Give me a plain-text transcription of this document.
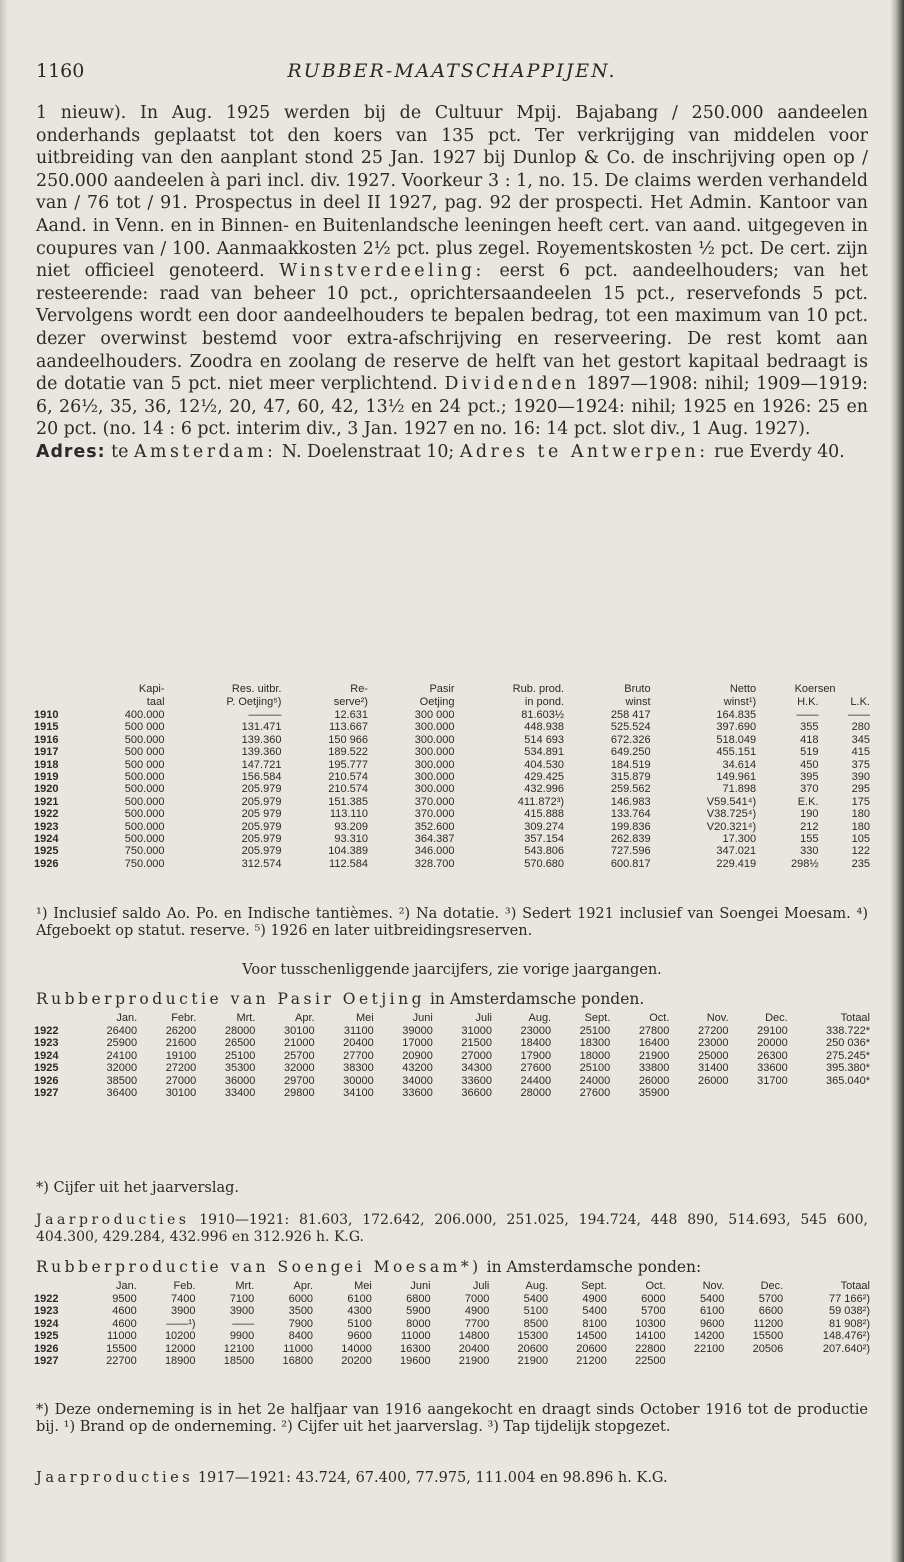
1160	RUBBER-MAATSCHAPPIJEN.

1 nieuw). In Aug. 1925 werden bij de Cultuur Mpij. Bajabang / 250.000 aandeelen onderhands geplaatst tot den koers van 135 pct. Ter verkrijging van middelen voor uitbreiding van den aanplant stond 25 Jan. 1927 bij Dunlop & Co. de inschrijving open op / 250.000 aandeelen à pari incl. div. 1927. Voorkeur 3 : 1, no. 15. De claims werden verhandeld van / 76 tot / 91. Prospectus in deel II 1927, pag. 92 der prospecti. Het Admin. Kantoor van Aand. in Venn. en in Binnen- en Buitenlandsche leeningen heeft cert. van aand. uitgegeven in coupures van / 100. Aanmaakkosten 2½ pct. plus zegel. Royementskosten ½ pct. De cert. zijn niet officieel genoteerd. Winstverdeeling: eerst 6 pct. aandeelhouders; van het resteerende: raad van beheer 10 pct., oprichtersaandeelen 15 pct., reservefonds 5 pct. Vervolgens wordt een door aandeelhouders te bepalen bedrag, tot een maximum van 10 pct. dezer overwinst bestemd voor extra-afschrijving en reserveering. De rest komt aan aandeelhouders. Zoodra en zoolang de reserve de helft van het gestort kapitaal bedraagt is de dotatie van 5 pct. niet meer verplichtend. Dividenden 1897—1908: nihil; 1909—1919: 6, 26½, 35, 36, 12½, 20, 47, 60, 42, 13½ en 24 pct.; 1920—1924: nihil; 1925 en 1926: 25 en 20 pct. (no. 14 : 6 pct. interim div., 3 Jan. 1927 en no. 16: 14 pct. slot div., 1 Aug. 1927).

Adres: te Amsterdam: N. Doelenstraat 10; Adres te Antwerpen: rue Everdy 40.

	Kapi-	Res. uitbr.	Re-	Pasir	Rub. prod.	Bruto	Netto	Koersen	
	taal	P. Oetjing⁵)	serve²)	Oetjing	in pond.	winst	winst¹)	H.K.	L.K.
1910	400.000	———	12.631	300 000	81.603½	258 417	164.835	——	——
1915	500 000	131.471	113.667	300.000	448.938	525.524	397.690	355	280
1916	500.000	139.360	150 966	300.000	514 693	672.326	518.049	418	345
1917	500 000	139.360	189.522	300.000	534.891	649.250	455.151	519	415
1918	500 000	147.721	195.777	300.000	404.530	184.519	34.614	450	375
1919	500.000	156.584	210.574	300.000	429.425	315.879	149.961	395	390
1920	500.000	205.979	210.574	300.000	432.996	259.562	71.898	370	295
1921	500.000	205.979	151.385	370.000	411.872³)	146.983	V59.541⁴)	E.K.	175
1922	500.000	205 979	113.110	370.000	415.888	133.764	V38.725⁴)	190	180
1923	500.000	205.979	93.209	352.600	309.274	199.836	V20.321⁴)	212	180
1924	500.000	205.979	93.310	364.387	357.154	262.839	17.300	155	105
1925	750.000	205.979	104.389	346.000	543.806	727.596	347.021	330	122
1926	750.000	312.574	112.584	328.700	570.680	600.817	229.419	298½	235

¹) Inclusief saldo Ao. Po. en Indische tantièmes. ²) Na dotatie. ³) Sedert 1921 inclusief van Soengei Moesam. ⁴) Afgeboekt op statut. reserve. ⁵) 1926 en later uitbreidingsreserven.

Voor tusschenliggende jaarcijfers, zie vorige jaargangen.
Rubberproductie van Pasir Oetjing in Amsterdamsche ponden.
	Jan.	Febr.	Mrt.	Apr.	Mei	Juni	Juli	Aug.	Sept.	Oct.	Nov.	Dec.	Totaal
1922	26400	26200	28000	30100	31100	39000	31000	23000	25100	27800	27200	29100	338.722*
1923	25900	21600	26500	21000	20400	17000	21500	18400	18300	16400	23000	20000	250 036*
1924	24100	19100	25100	25700	27700	20900	27000	17900	18000	21900	25000	26300	275.245*
1925	32000	27200	35300	32000	38300	43200	34300	27600	25100	33800	31400	33600	395.380*
1926	38500	27000	36000	29700	30000	34000	33600	24400	24000	26000	26000	31700	365.040*
1927	36400	30100	33400	29800	34100	33600	36600	28000	27600	35900			

*) Cijfer uit het jaarverslag.

Jaarproducties 1910—1921: 81.603, 172.642, 206.000, 251.025, 194.724, 448 890, 514.693, 545 600, 404.300, 429.284, 432.996 en 312.926 h. K.G.

Rubberproductie van Soengei Moesam*) in Amsterdamsche ponden:
	Jan.	Feb.	Mrt.	Apr.	Mei	Juni	Juli	Aug.	Sept.	Oct.	Nov.	Dec.	Totaal
1922	9500	7400	7100	6000	6100	6800	7000	5400	4900	6000	5400	5700	77 166²)
1923	4600	3900	3900	3500	4300	5900	4900	5100	5400	5700	6100	6600	59 038²)
1924	4600	——¹)	——	7900	5100	8000	7700	8500	8100	10300	9600	11200	81 908²)
1925	11000	10200	9900	8400	9600	11000	14800	15300	14500	14100	14200	15500	148.476²)
1926	15500	12000	12100	11000	14000	16300	20400	20600	20600	22800	22100	20506	207.640²)
1927	22700	18900	18500	16800	20200	19600	21900	21900	21200	22500			

*) Deze onderneming is in het 2e halfjaar van 1916 aangekocht en draagt sinds October 1916 tot de productie bij. ¹) Brand op de onderneming. ²) Cijfer uit het jaarverslag. ³) Tap tijdelijk stopgezet.

Jaarproducties 1917—1921: 43.724, 67.400, 77.975, 111.004 en 98.896 h. K.G.
